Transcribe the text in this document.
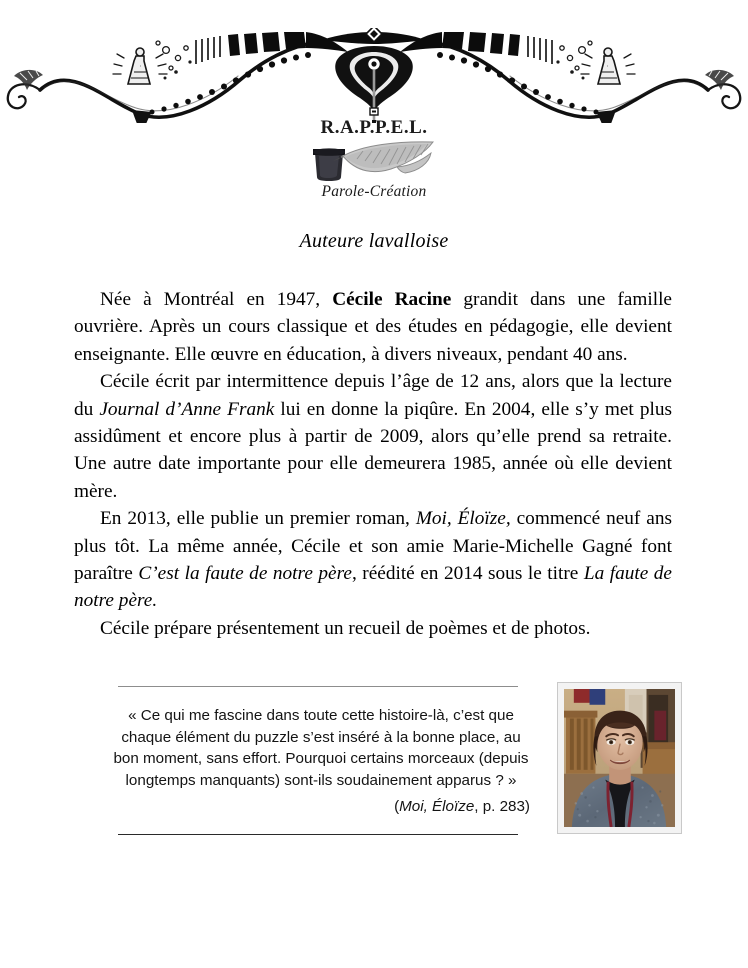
R.A.P.P.E.L.
Parole-Création
Auteure lavalloise

Née à Montréal en 1947, Cécile Racine grandit dans une famille ouvrière. Après un cours classique et des études en pédagogie, elle devient enseignante. Elle œuvre en éducation, à divers niveaux, pendant 40 ans.

Cécile écrit par intermittence depuis l’âge de 12 ans, alors que la lecture du Journal d’Anne Frank lui en donne la piqûre. En 2004, elle s’y met plus assidûment et encore plus à partir de 2009, alors qu’elle prend sa retraite. Une autre date importante pour elle demeurera 1985, année où elle devient mère.

En 2013, elle publie un premier roman, Moi, Éloïze, commencé neuf ans plus tôt. La même année, Cécile et son amie Marie-Michelle Gagné font paraître C’est la faute de notre père, réédité en 2014 sous le titre La faute de notre père.

Cécile prépare présentement un recueil de poèmes et de photos.

« Ce qui me fascine dans toute cette histoire-là, c’est que chaque élément du puzzle s’est inséré à la bonne place, au bon moment, sans effort. Pourquoi certains morceaux (depuis longtemps manquants) sont-ils soudainement apparus ? »
(Moi, Éloïze, p. 283)
